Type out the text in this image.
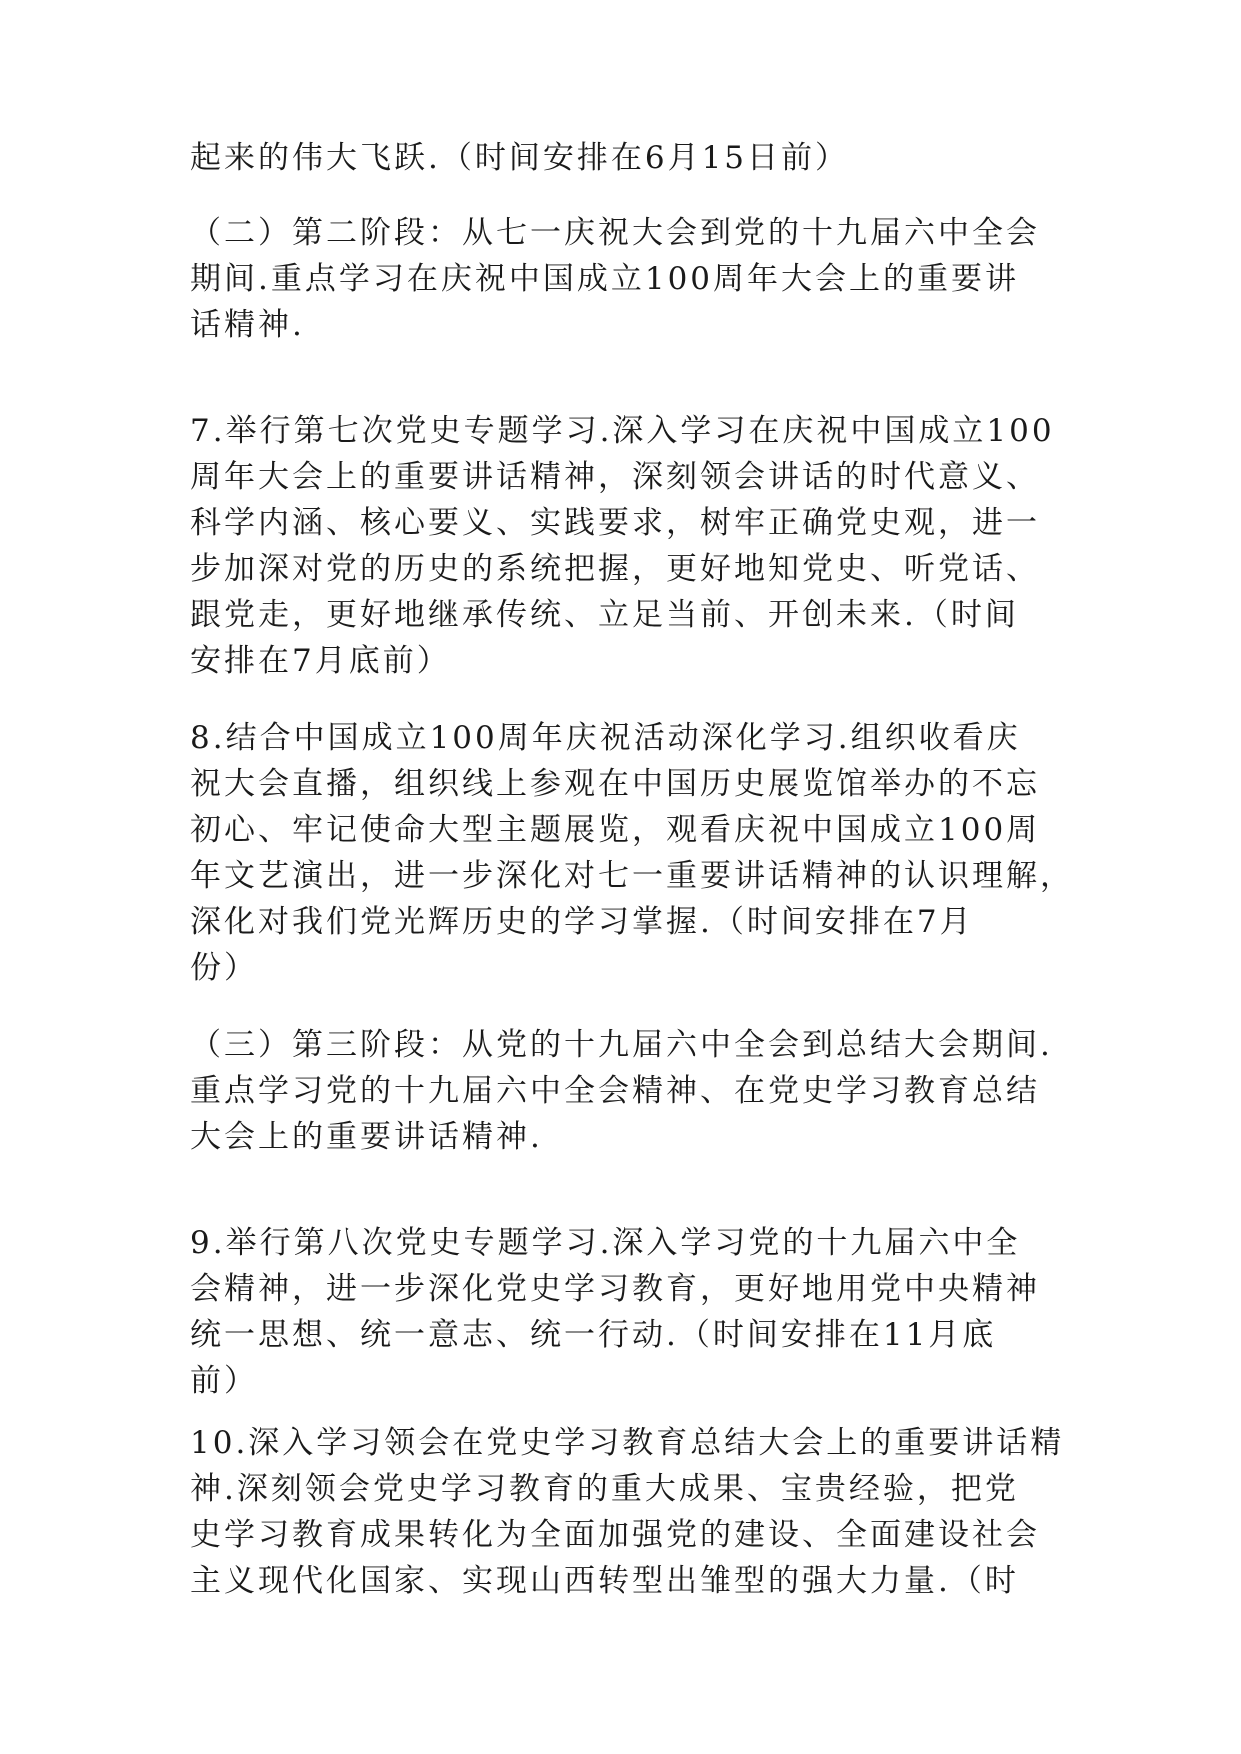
起来的伟大飞跃.（时间安排在6月15日前）
（二）第二阶段：从七一庆祝大会到党的十九届六中全会
期间.重点学习在庆祝中国成立100周年大会上的重要讲
话精神.
7.举行第七次党史专题学习.深入学习在庆祝中国成立100
周年大会上的重要讲话精神，深刻领会讲话的时代意义、
科学内涵、核心要义、实践要求，树牢正确党史观，进一
步加深对党的历史的系统把握，更好地知党史、听党话、
跟党走，更好地继承传统、立足当前、开创未来.（时间
安排在7月底前）
8.结合中国成立100周年庆祝活动深化学习.组织收看庆
祝大会直播，组织线上参观在中国历史展览馆举办的不忘
初心、牢记使命大型主题展览，观看庆祝中国成立100周
年文艺演出，进一步深化对七一重要讲话精神的认识理解，
深化对我们党光辉历史的学习掌握.（时间安排在7月
份）
（三）第三阶段：从党的十九届六中全会到总结大会期间.
重点学习党的十九届六中全会精神、在党史学习教育总结
大会上的重要讲话精神.
9.举行第八次党史专题学习.深入学习党的十九届六中全
会精神，进一步深化党史学习教育，更好地用党中央精神
统一思想、统一意志、统一行动.（时间安排在11月底
前）
10.深入学习领会在党史学习教育总结大会上的重要讲话精
神.深刻领会党史学习教育的重大成果、宝贵经验，把党
史学习教育成果转化为全面加强党的建设、全面建设社会
主义现代化国家、实现山西转型出雏型的强大力量.（时
